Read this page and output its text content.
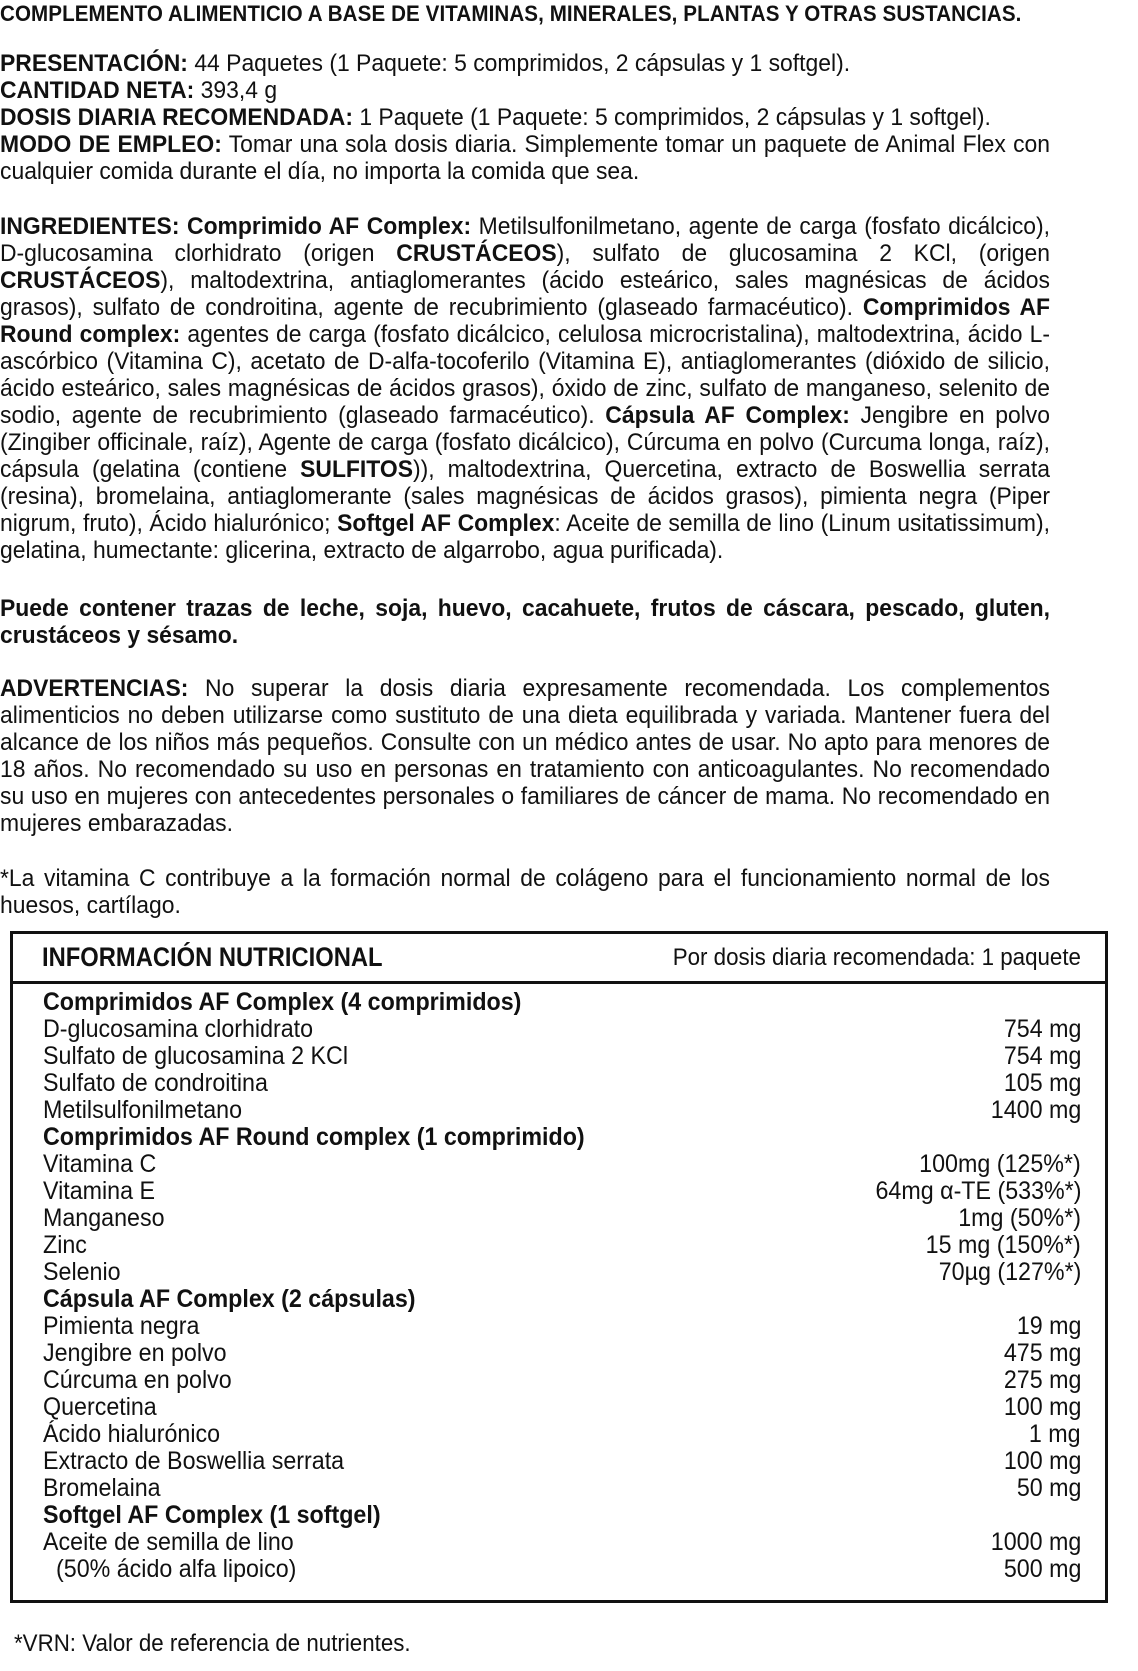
COMPLEMENTO ALIMENTICIO A BASE DE VITAMINAS, MINERALES, PLANTAS Y OTRAS SUSTANCIAS.
PRESENTACIÓN: 44 Paquetes (1 Paquete: 5 comprimidos, 2 cápsulas y 1 softgel).
CANTIDAD NETA: 393,4 g
DOSIS DIARIA RECOMENDADA: 1 Paquete (1 Paquete: 5 comprimidos, 2 cápsulas y 1 softgel).
MODO DE EMPLEO: Tomar una sola dosis diaria. Simplemente tomar un paquete de Animal Flex con cualquier comida durante el día, no importa la comida que sea.
INGREDIENTES: Comprimido AF Complex: Metilsulfonilmetano, agente de carga (fosfato dicálcico), D-glucosamina clorhidrato (origen CRUSTÁCEOS), sulfato de glucosamina 2 KCl, (origen CRUSTÁCEOS), maltodextrina, antiaglomerantes (ácido esteárico, sales magnésicas de ácidos grasos), sulfato de condroitina, agente de recubrimiento (glaseado farmacéutico). Comprimidos AF Round complex: agentes de carga (fosfato dicálcico, celulosa microcristalina), maltodextrina, ácido L-ascórbico (Vitamina C), acetato de D-alfa-tocoferilo (Vitamina E), antiaglomerantes (dióxido de silicio, ácido esteárico, sales magnésicas de ácidos grasos), óxido de zinc, sulfato de manganeso, selenito de sodio, agente de recubrimiento (glaseado farmacéutico). Cápsula AF Complex: Jengibre en polvo (Zingiber officinale, raíz), Agente de carga (fosfato dicálcico), Cúrcuma en polvo (Curcuma longa, raíz), cápsula (gelatina (contiene SULFITOS)), maltodextrina, Quercetina, extracto de Boswellia serrata (resina), bromelaina, antiaglomerante (sales magnésicas de ácidos grasos), pimienta negra (Piper nigrum, fruto), Ácido hialurónico; Softgel AF Complex: Aceite de semilla de lino (Linum usitatissimum), gelatina, humectante: glicerina, extracto de algarrobo, agua purificada).
Puede contener trazas de leche, soja, huevo, cacahuete, frutos de cáscara, pescado, gluten, crustáceos y sésamo.
ADVERTENCIAS: No superar la dosis diaria expresamente recomendada. Los complementos alimenticios no deben utilizarse como sustituto de una dieta equilibrada y variada. Mantener fuera del alcance de los niños más pequeños. Consulte con un médico antes de usar. No apto para menores de 18 años. No recomendado su uso en personas en tratamiento con anticoagulantes. No recomendado su uso en mujeres con antecedentes personales o familiares de cáncer de mama. No recomendado en mujeres embarazadas.
*La vitamina C contribuye a la formación normal de colágeno para el funcionamiento normal de los huesos, cartílago.
INFORMACIÓN NUTRICIONAL	Por dosis diaria recomendada: 1 paquete
Comprimidos AF Complex (4 comprimidos)
D-glucosamina clorhidrato	754 mg
Sulfato de glucosamina 2 KCl	754 mg
Sulfato de condroitina	105 mg
Metilsulfonilmetano	1400 mg
Comprimidos AF Round complex (1 comprimido)
Vitamina C	100mg (125%*)
Vitamina E	64mg α-TE (533%*)
Manganeso	1mg (50%*)
Zinc	15 mg (150%*)
Selenio	70µg (127%*)
Cápsula AF Complex (2 cápsulas)
Pimienta negra	19 mg
Jengibre en polvo	475 mg
Cúrcuma en polvo	275 mg
Quercetina	100 mg
Ácido hialurónico	1 mg
Extracto de Boswellia serrata	100 mg
Bromelaina	50 mg
Softgel AF Complex (1 softgel)
Aceite de semilla de lino	1000 mg
(50% ácido alfa lipoico)	500 mg
*VRN: Valor de referencia de nutrientes.
